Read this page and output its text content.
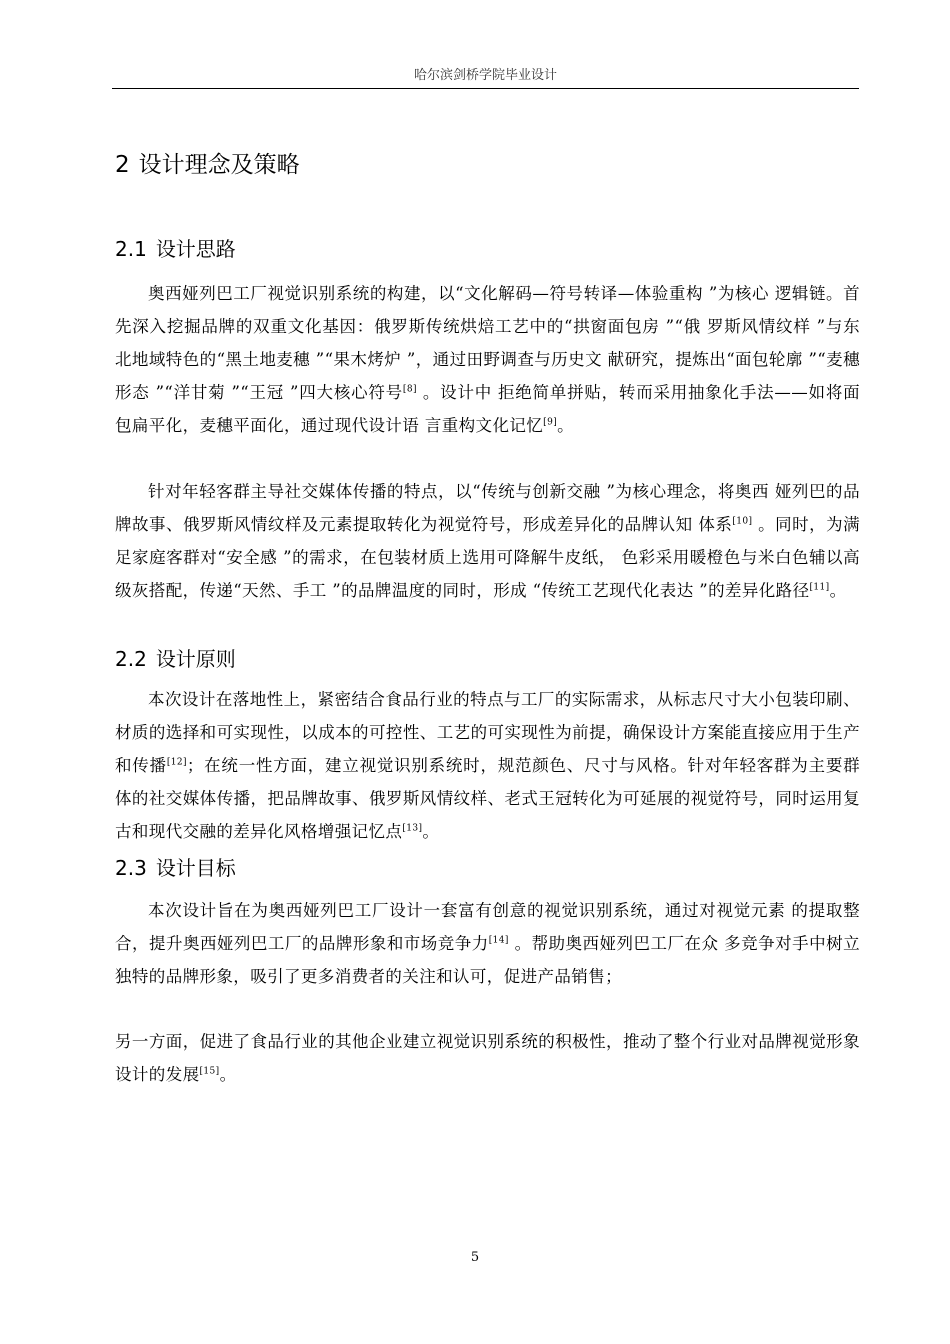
哈尔滨剑桥学院毕业设计
2 设计理念及策略
2.1 设计思路

奥西娅列巴工厂视觉识别系统的构建，以“文化解码—符号转译—体验重构 ”为核心 逻辑链。首先深入挖掘品牌的双重文化基因：俄罗斯传统烘焙工艺中的“拱窗面包房 ”“俄 罗斯风情纹样 ”与东北地域特色的“黑土地麦穗 ”“果木烤炉 ”，通过田野调查与历史文 献研究，提炼出“面包轮廓 ”“麦穗形态 ”“洋甘菊 ”“王冠 ”四大核心符号[8] 。设计中 拒绝简单拼贴，转而采用抽象化手法——如将面包扁平化，麦穗平面化，通过现代设计语 言重构文化记忆[9]。

针对年轻客群主导社交媒体传播的特点，以“传统与创新交融 ”为核心理念，将奥西 娅列巴的品牌故事、俄罗斯风情纹样及元素提取转化为视觉符号，形成差异化的品牌认知 体系[10] 。同时，为满足家庭客群对“安全感 ”的需求，在包装材质上选用可降解牛皮纸， 色彩采用暖橙色与米白色辅以高级灰搭配，传递“天然、手工 ”的品牌温度的同时，形成 “传统工艺现代化表达 ”的差异化路径[11]。

2.2 设计原则

本次设计在落地性上，紧密结合食品行业的特点与工厂的实际需求，从标志尺寸大小包装印刷、材质的选择和可实现性，以成本的可控性、工艺的可实现性为前提，确保设计方案能直接应用于生产和传播[12]；在统一性方面，建立视觉识别系统时，规范颜色、尺寸与风格。针对年轻客群为主要群体的社交媒体传播，把品牌故事、俄罗斯风情纹样、老式王冠转化为可延展的视觉符号，同时运用复古和现代交融的差异化风格增强记忆点[13]。

2.3 设计目标

本次设计旨在为奥西娅列巴工厂设计一套富有创意的视觉识别系统，通过对视觉元素 的提取整合，提升奥西娅列巴工厂的品牌形象和市场竞争力[14] 。帮助奥西娅列巴工厂在众 多竞争对手中树立独特的品牌形象，吸引了更多消费者的关注和认可，促进产品销售；

另一方面，促进了食品行业的其他企业建立视觉识别系统的积极性，推动了整个行业对品牌视觉形象设计的发展[15]。

5
